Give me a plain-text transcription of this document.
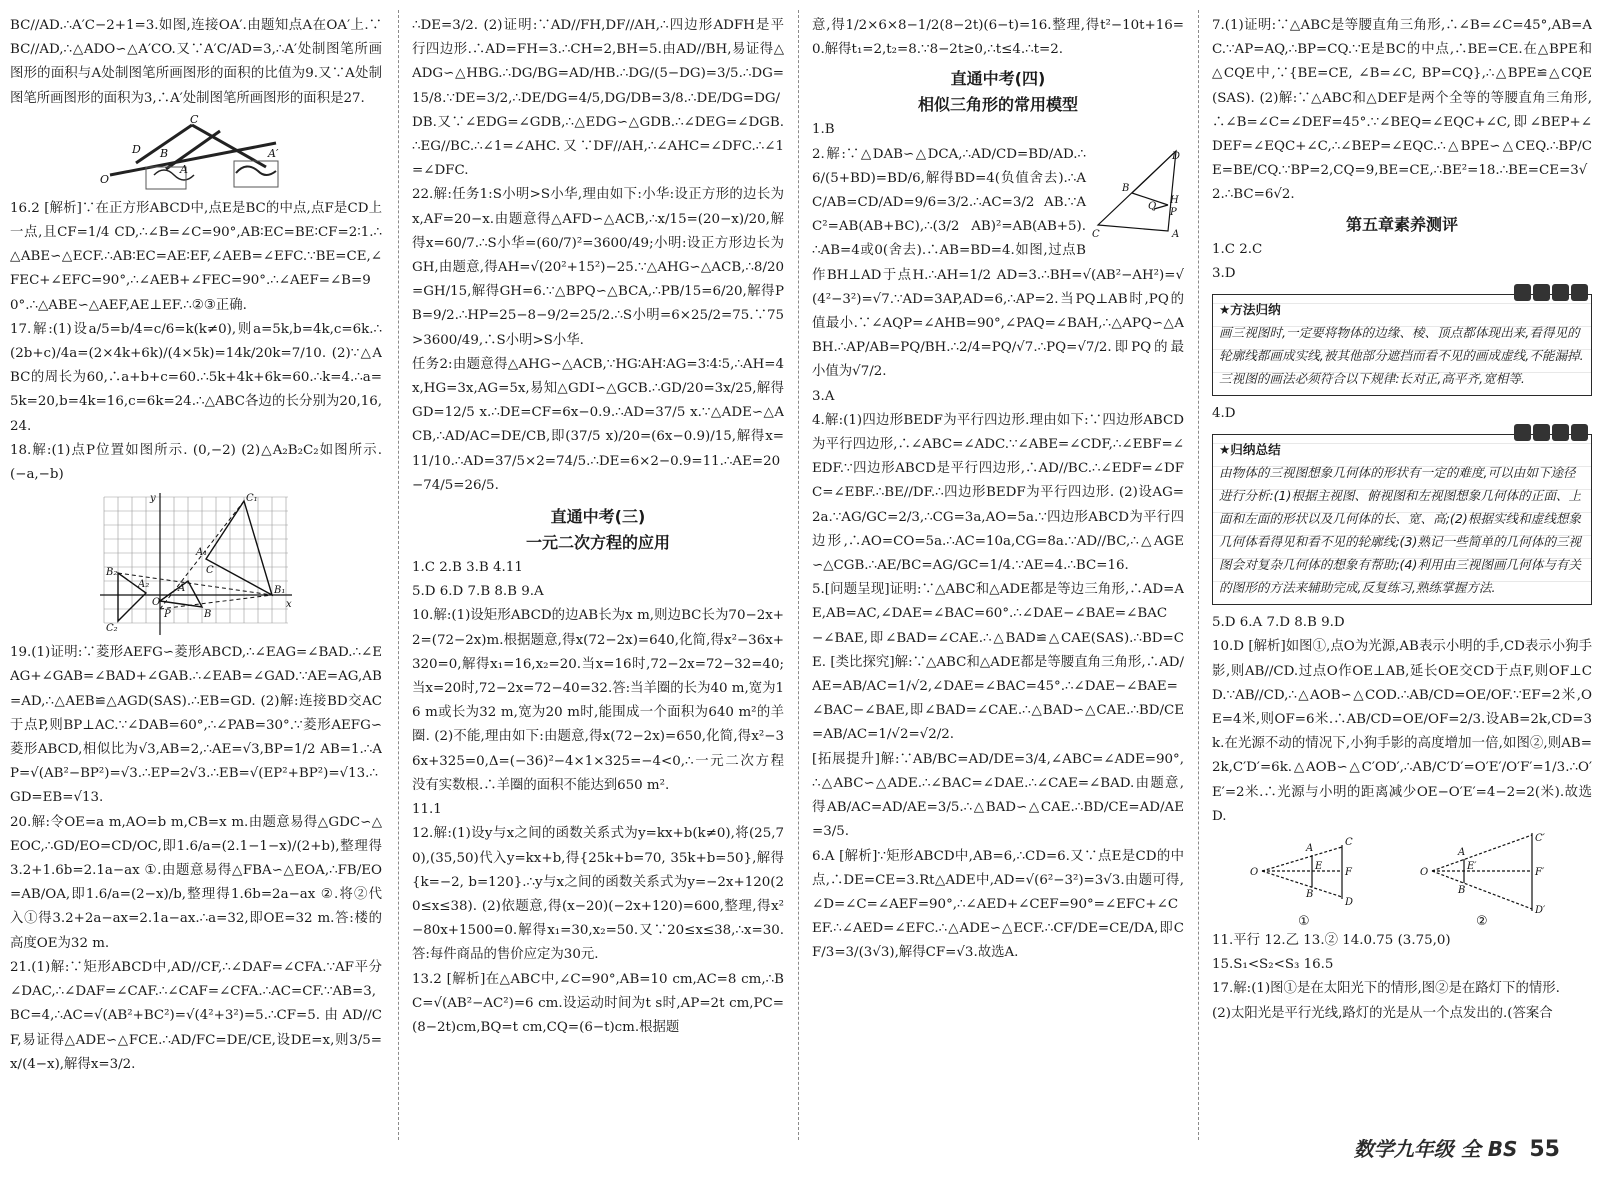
BC//AD.∴A′C−2+1=3.如图,连接OA′.由题知点A在OA′上.∵BC//AD,∴△ADO∽△A′CO.又∵A′C/AD=3,∴A′处制图笔所画图形的面积与A处制图笔所画图形的面积的比值为9.又∵A处制图笔所画图形的面积为3,∴A′处制图笔所画图形的面积是27.

O
B
C
D
A
A′

16.2 [解析]∵在正方形ABCD中,点E是BC的中点,点F是CD上一点,且CF=1/4 CD,∴∠B=∠C=90°,AB∶EC=BE∶CF=2∶1.∴△ABE∽△ECF.∴AB∶EC=AE∶EF,∠AEB=∠EFC.∵BE=CE,∠FEC+∠EFC=90°,∴∠AEB+∠FEC=90°.∴∠AEF=∠B=90°.∴△ABE∽△AEF,AE⊥EF.∴②③正确.

17.解:(1)设a/5=b/4=c/6=k(k≠0),则a=5k,b=4k,c=6k.∴(2b+c)/4a=(2×4k+6k)/(4×5k)=14k/20k=7/10. (2)∵△ABC的周长为60,∴a+b+c=60.∴5k+4k+6k=60.∴k=4.∴a=5k=20,b=4k=16,c=6k=24.∴△ABC各边的长分别为20,16,24.

18.解:(1)点P位置如图所示. (0,−2) (2)△A₂B₂C₂如图所示. (−a,−b)

y
x
O
C₁
A₁
B₂
A₂
C
P	B
A	B₁
C₂

19.(1)证明:∵菱形AEFG∽菱形ABCD,∴∠EAG=∠BAD.∴∠EAG+∠GAB=∠BAD+∠GAB.∴∠EAB=∠GAD.∵AE=AG,AB=AD,∴△AEB≌△AGD(SAS).∴EB=GD. (2)解:连接BD交AC于点P,则BP⊥AC.∵∠DAB=60°,∴∠PAB=30°.∵菱形AEFG∽菱形ABCD,相似比为√3,AB=2,∴AE=√3,BP=1/2 AB=1.∴AP=√(AB²−BP²)=√3.∴EP=2√3.∴EB=√(EP²+BP²)=√13.∴GD=EB=√13.

20.解:令OE=a m,AO=b m,CB=x m.由题意易得△GDC∽△EOC,∴GD/EO=CD/OC,即1.6/a=(2.1−1−x)/(2+b),整理得3.2+1.6b=2.1a−ax ①.由题意易得△FBA∽△EOA,∴FB/EO=AB/OA,即1.6/a=(2−x)/b,整理得1.6b=2a−ax ②.将②代入①得3.2+2a−ax=2.1a−ax.∴a=32,即OE=32 m.答:楼的高度OE为32 m.

21.(1)解:∵矩形ABCD中,AD//CF,∴∠DAF=∠CFA.∵AF平分∠DAC,∴∠DAF=∠CAF.∴∠CAF=∠CFA.∴AC=CF.∵AB=3,BC=4,∴AC=√(AB²+BC²)=√(4²+3²)=5.∴CF=5.由AD//CF,易证得△ADE∽△FCE.∴AD/FC=DE/CE,设DE=x,则3/5=x/(4−x),解得x=3/2.

∴DE=3/2. (2)证明:∵AD//FH,DF//AH,∴四边形ADFH是平行四边形.∴AD=FH=3.∴CH=2,BH=5.由AD//BH,易证得△ADG∽△HBG.∴DG/BG=AD/HB.∴DG/(5−DG)=3/5.∴DG=15/8.∵DE=3/2,∴DE/DG=4/5,DG/DB=3/8.∴DE/DG=DG/DB.又∵∠EDG=∠GDB,∴△EDG∽△GDB.∴∠DEG=∠DGB.∴EG//BC.∴∠1=∠AHC.又∵DF//AH,∴∠AHC=∠DFC.∴∠1=∠DFC.

22.解:任务1:S小明>S小华,理由如下:小华:设正方形的边长为x,AF=20−x.由题意得△AFD∽△ACB,∴x/15=(20−x)/20,解得x=60/7.∴S小华=(60/7)²=3600/49;小明:设正方形边长为GH,由题意,得AH=√(20²+15²)−25.∵△AHG∽△ACB,∴8/20=GH/15,解得GH=6.∵△BPQ∽△BCA,∴PB/15=6/20,解得PB=9/2.∴HP=25−8−9/2=25/2.∴S小明=6×25/2=75.∵75>3600/49,∴S小明>S小华.

任务2:由题意得△AHG∽△ACB,∵HG∶AH∶AG=3∶4∶5,∴AH=4x,HG=3x,AG=5x,易知△GDI∽△GCB.∴GD/20=3x/25,解得GD=12/5 x.∴DE=CF=6x−0.9.∴AD=37/5 x.∵△ADE∽△ACB,∴AD/AC=DE/CB,即(37/5 x)/20=(6x−0.9)/15,解得x=11/10.∴AD=37/5×2=74/5.∴DE=6×2−0.9=11.∴AE=20−74/5=26/5.

直通中考(三)
一元二次方程的应用

1.C 2.B 3.B 4.11

5.D 6.D 7.B 8.B 9.A

10.解:(1)设矩形ABCD的边AB长为x m,则边BC长为70−2x+2=(72−2x)m.根据题意,得x(72−2x)=640,化简,得x²−36x+320=0,解得x₁=16,x₂=20.当x=16时,72−2x=72−32=40;当x=20时,72−2x=72−40=32.答:当羊圈的长为40 m,宽为16 m或长为32 m,宽为20 m时,能围成一个面积为640 m²的羊圈. (2)不能,理由如下:由题意,得x(72−2x)=650,化简,得x²−36x+325=0,Δ=(−36)²−4×1×325=−4<0,∴一元二次方程没有实数根.∴羊圈的面积不能达到650 m².

11.1

12.解:(1)设y与x之间的函数关系式为y=kx+b(k≠0),将(25,70),(35,50)代入y=kx+b,得{25k+b=70, 35k+b=50},解得{k=−2, b=120}.∴y与x之间的函数关系式为y=−2x+120(20≤x≤38). (2)依题意,得(x−20)(−2x+120)=600,整理,得x²−80x+1500=0.解得x₁=30,x₂=50.又∵20≤x≤38,∴x=30.答:每件商品的售价应定为30元.

13.2 [解析]在△ABC中,∠C=90°,AB=10 cm,AC=8 cm,∴BC=√(AB²−AC²)=6 cm.设运动时间为t s时,AP=2t cm,PC=(8−2t)cm,BQ=t cm,CQ=(6−t)cm.根据题

意,得1/2×6×8−1/2(8−2t)(6−t)=16.整理,得t²−10t+16=0.解得t₁=2,t₂=8.∵8−2t≥0,∴t≤4.∴t=2.

直通中考(四)
相似三角形的常用模型

1.B

D
B
H
P
Q
C	A

2.解:∵△DAB∽△DCA,∴AD/CD=BD/AD.∴6/(5+BD)=BD/6,解得BD=4(负值舍去).∴AC/AB=CD/AD=9/6=3/2.∴AC=3/2 AB.∵AC²=AB(AB+BC),∴(3/2 AB)²=AB(AB+5).∴AB=4或0(舍去).∴AB=BD=4.如图,过点B作BH⊥AD于点H.∴AH=1/2 AD=3.∴BH=√(AB²−AH²)=√(4²−3²)=√7.∵AD=3AP,AD=6,∴AP=2.当PQ⊥AB时,PQ的值最小.∵∠AQP=∠AHB=90°,∠PAQ=∠BAH,∴△APQ∽△ABH.∴AP/AB=PQ/BH.∴2/4=PQ/√7.∴PQ=√7/2.即PQ的最小值为√7/2.

3.A

4.解:(1)四边形BEDF为平行四边形.理由如下:∵四边形ABCD为平行四边形,∴∠ABC=∠ADC.∵∠ABE=∠CDF,∴∠EBF=∠EDF.∵四边形ABCD是平行四边形,∴AD//BC.∴∠EDF=∠DFC=∠EBF.∴BE//DF.∴四边形BEDF为平行四边形. (2)设AG=2a.∵AG/GC=2/3,∴CG=3a,AO=5a.∵四边形ABCD为平行四边形,∴AO=CO=5a.∴AC=10a,CG=8a.∵AD//BC,∴△AGE∽△CGB.∴AE/BC=AG/GC=1/4.∵AE=4.∴BC=16.

5.[问题呈现]证明:∵△ABC和△ADE都是等边三角形,∴AD=AE,AB=AC,∠DAE=∠BAC=60°.∴∠DAE−∠BAE=∠BAC−∠BAE,即∠BAD=∠CAE.∴△BAD≌△CAE(SAS).∴BD=CE. [类比探究]解:∵△ABC和△ADE都是等腰直角三角形,∴AD/AE=AB/AC=1/√2,∠DAE=∠BAC=45°.∴∠DAE−∠BAE=∠BAC−∠BAE,即∠BAD=∠CAE.∴△BAD∽△CAE.∴BD/CE=AB/AC=1/√2=√2/2.

[拓展提升]解:∵AB/BC=AD/DE=3/4,∠ABC=∠ADE=90°,∴△ABC∽△ADE.∴∠BAC=∠DAE.∴∠CAE=∠BAD.由题意,得AB/AC=AD/AE=3/5.∴△BAD∽△CAE.∴BD/CE=AD/AE=3/5.

6.A [解析]∵矩形ABCD中,AB=6,∴CD=6.又∵点E是CD的中点,∴DE=CE=3.Rt△ADE中,AD=√(6²−3²)=3√3.由题可得,∠D=∠C=∠AEF=90°,∴∠AED+∠CEF=90°=∠EFC+∠CEF.∴∠AED=∠EFC.∴△ADE∽△ECF.∴CF/DE=CE/DA,即CF/3=3/(3√3),解得CF=√3.故选A.

7.(1)证明:∵△ABC是等腰直角三角形,∴∠B=∠C=45°,AB=AC.∵AP=AQ,∴BP=CQ.∵E是BC的中点,∴BE=CE.在△BPE和△CQE中,∵{BE=CE, ∠B=∠C, BP=CQ},∴△BPE≌△CQE(SAS). (2)解:∵△ABC和△DEF是两个全等的等腰直角三角形,∴∠B=∠C=∠DEF=45°.∵∠BEQ=∠EQC+∠C,即∠BEP+∠DEF=∠EQC+∠C,∴∠BEP=∠EQC.∴△BPE∽△CEQ.∴BP/CE=BE/CQ.∵BP=2,CQ=9,BE=CE,∴BE²=18.∴BE=CE=3√2.∴BC=6√2.

第五章素养测评

1.C 2.C

3.D

★方法归纳
画三视图时,一定要将物体的边缘、棱、顶点都体现出来,看得见的轮廓线都画成实线,被其他部分遮挡而看不见的画成虚线,不能漏掉.三视图的画法必须符合以下规律:长对正,高平齐,宽相等.

4.D

★归纳总结
由物体的三视图想象几何体的形状有一定的难度,可以由如下途径进行分析:(1)根据主视图、俯视图和左视图想象几何体的正面、上面和左面的形状以及几何体的长、宽、高;(2)根据实线和虚线想象几何体看得见和看不见的轮廓线;(3)熟记一些简单的几何体的三视图会对复杂几何体的想象有帮助;(4)利用由三视图画几何体与有关的图形的方法来辅助完成,反复练习,熟练掌握方法.

5.D 6.A 7.D 8.B 9.D

10.D [解析]如图①,点O为光源,AB表示小明的手,CD表示小狗手影,则AB//CD.过点O作OE⊥AB,延长OE交CD于点F,则OF⊥CD.∵AB//CD,∴△AOB∽△COD.∴AB/CD=OE/OF.∵EF=2米,OE=4米,则OF=6米.∴AB/CD=OE/OF=2/3.设AB=2k,CD=3k.在光源不动的情况下,小狗手影的高度增加一倍,如图②,则AB=2k,C′D′=6k.△AOB∽△C′OD′,∴AB/C′D′=O′E′/O′F′=1/3.∴O′E′=2米.∴光源与小明的距离减少OE−O′E′=4−2=2(米).故选D.

O
E
A
B
C
D
F	O
E′
A
B
C′
D′
F′
①	②

11.平行 12.乙 13.② 14.0.75 (3.75,0)

15.S₁<S₂<S₃ 16.5

17.解:(1)图①是在太阳光下的情形,图②是在路灯下的情形.

(2)太阳光是平行光线,路灯的光是从一个点发出的.(答案合

数学九年级 全 BS 55
